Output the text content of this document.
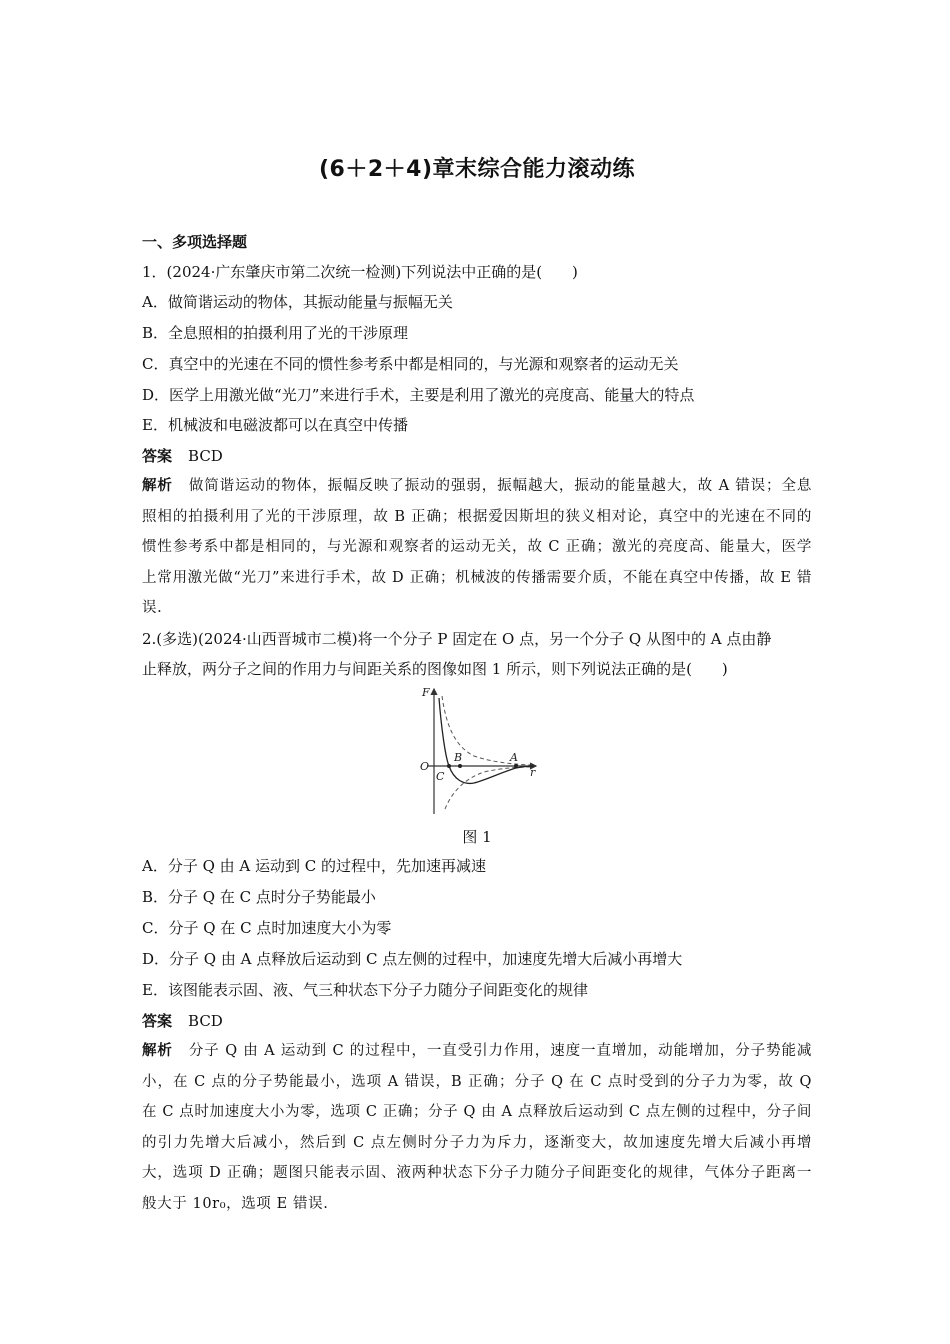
(6＋2＋4)章末综合能力滚动练
一、多项选择题
1．(2024·广东肇庆市第二次统一检测)下列说法中正确的是(　　)
A．做简谐运动的物体，其振动能量与振幅无关
B．全息照相的拍摄利用了光的干涉原理
C．真空中的光速在不同的惯性参考系中都是相同的，与光源和观察者的运动无关
D．医学上用激光做“光刀”来进行手术，主要是利用了激光的亮度高、能量大的特点
E．机械波和电磁波都可以在真空中传播
答案 BCD
解析 做简谐运动的物体，振幅反映了振动的强弱，振幅越大，振动的能量越大，故 A 错误；全息照相的拍摄利用了光的干涉原理，故 B 正确；根据爱因斯坦的狭义相对论，真空中的光速在不同的惯性参考系中都是相同的，与光源和观察者的运动无关，故 C 正确；激光的亮度高、能量大，医学上常用激光做“光刀”来进行手术，故 D 正确；机械波的传播需要介质，不能在真空中传播，故 E 错误.
2.(多选)(2024·山西晋城市二模)将一个分子 P 固定在 O 点，另一个分子 Q 从图中的 A 点由静
止释放，两分子之间的作用力与间距关系的图像如图 1 所示，则下列说法正确的是(　　)
F
O
C
B	A
r
图 1
A．分子 Q 由 A 运动到 C 的过程中，先加速再减速
B．分子 Q 在 C 点时分子势能最小
C．分子 Q 在 C 点时加速度大小为零
D．分子 Q 由 A 点释放后运动到 C 点左侧的过程中，加速度先增大后减小再增大
E．该图能表示固、液、气三种状态下分子力随分子间距变化的规律
答案 BCD
解析 分子 Q 由 A 运动到 C 的过程中，一直受引力作用，速度一直增加，动能增加，分子势能减小，在 C 点的分子势能最小，选项 A 错误，B 正确；分子 Q 在 C 点时受到的分子力为零，故 Q 在 C 点时加速度大小为零，选项 C 正确；分子 Q 由 A 点释放后运动到 C 点左侧的过程中，分子间的引力先增大后减小，然后到 C 点左侧时分子力为斥力，逐渐变大，故加速度先增大后减小再增大，选项 D 正确；题图只能表示固、液两种状态下分子力随分子间距变化的规律，气体分子距离一般大于 10r₀，选项 E 错误.
